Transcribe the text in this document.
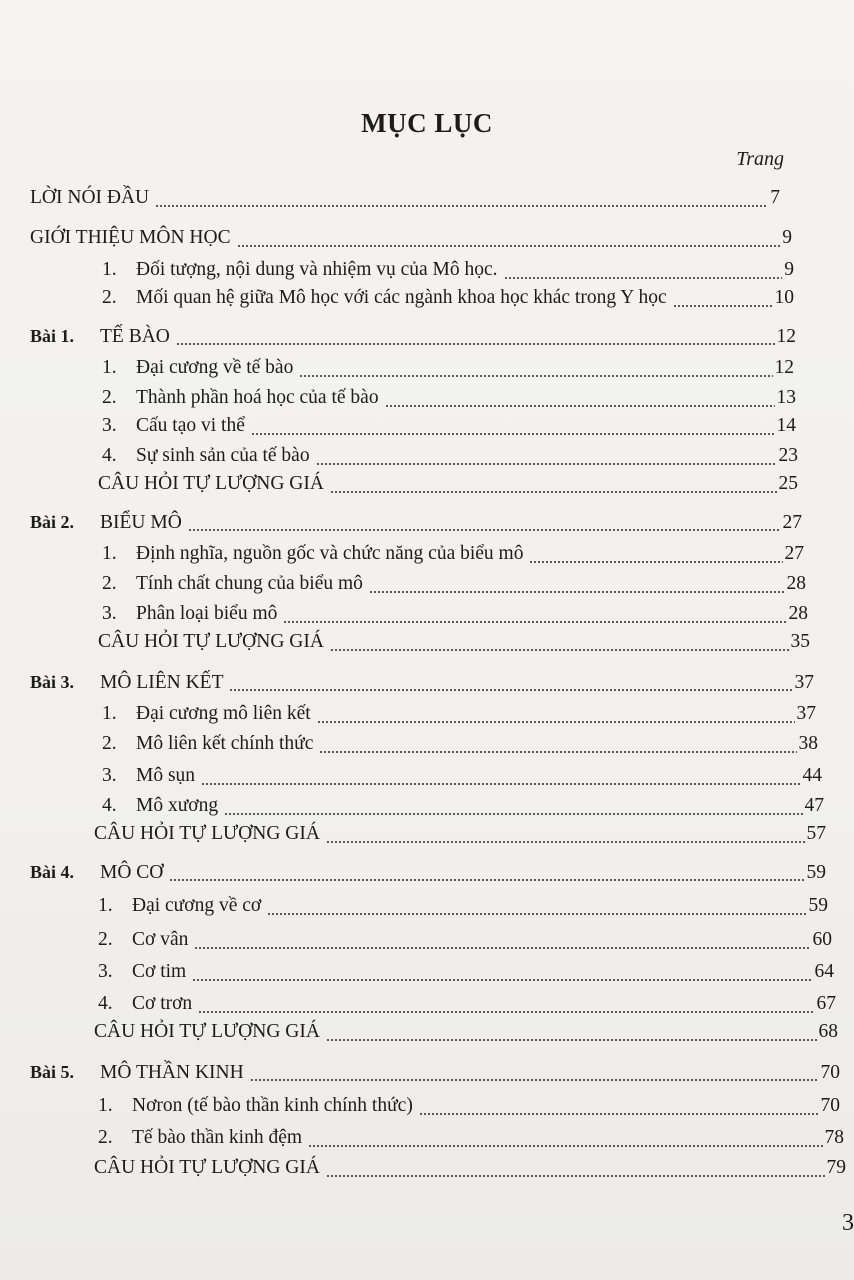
MỤC LỤC
Trang
LỜI NÓI ĐẦU	7
GIỚI THIỆU MÔN HỌC	9
1. Đối tượng, nội dung và nhiệm vụ của Mô học.	9
2. Mối quan hệ giữa Mô học với các ngành khoa học khác trong Y học	10
Bài 1.	TẾ BÀO	12
1. Đại cương về tế bào	12
2. Thành phần hoá học của tế bào	13
3. Cấu tạo vi thể	14
4. Sự sinh sản của tế bào	23
CÂU HỎI TỰ LƯỢNG GIÁ	25
Bài 2.	BIỂU MÔ	27
1. Định nghĩa, nguồn gốc và chức năng của biểu mô	27
2. Tính chất chung của biểu mô	28
3. Phân loại biểu mô	28
CÂU HỎI TỰ LƯỢNG GIÁ	35
Bài 3.	MÔ LIÊN KẾT	37
1. Đại cương mô liên kết	37
2. Mô liên kết chính thức	38
3. Mô sụn	44
4. Mô xương	47
CÂU HỎI TỰ LƯỢNG GIÁ	57
Bài 4.	MÔ CƠ	59
1. Đại cương về cơ	59
2. Cơ vân	60
3. Cơ tim	64
4. Cơ trơn	67
CÂU HỎI TỰ LƯỢNG GIÁ	68
Bài 5.	MÔ THẦN KINH	70
1. Nơron (tế bào thần kinh chính thức)	70
2. Tế bào thần kinh đệm	78
CÂU HỎI TỰ LƯỢNG GIÁ	79
3
